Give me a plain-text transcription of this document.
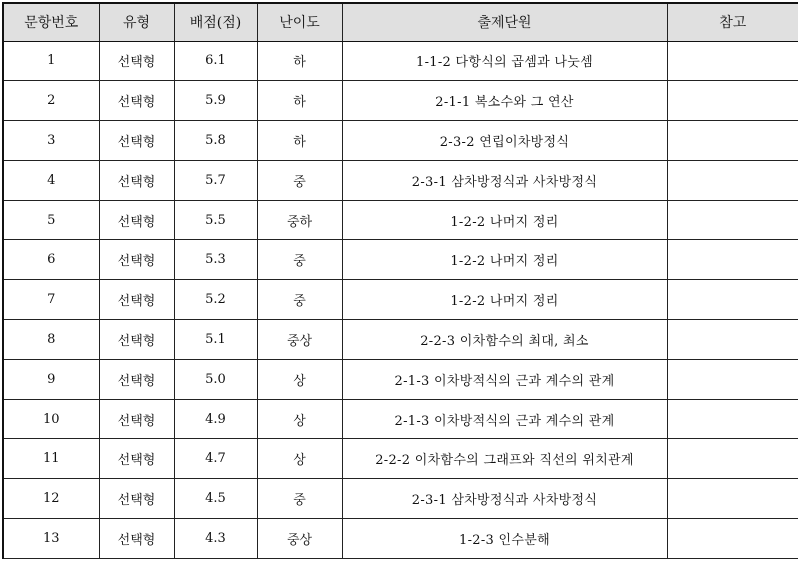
문항번호	유형	배점(점)	난이도	출제단원	참고
1	선택형	6.1	하	1-1-2 다항식의 곱셈과 나눗셈	
2	선택형	5.9	하	2-1-1 복소수와 그 연산	
3	선택형	5.8	하	2-3-2 연립이차방정식	
4	선택형	5.7	중	2-3-1 삼차방정식과 사차방정식	
5	선택형	5.5	중하	1-2-2 나머지 정리	
6	선택형	5.3	중	1-2-2 나머지 정리	
7	선택형	5.2	중	1-2-2 나머지 정리	
8	선택형	5.1	중상	2-2-3 이차함수의 최대, 최소	
9	선택형	5.0	상	2-1-3 이차방적식의 근과 계수의 관계	
10	선택형	4.9	상	2-1-3 이차방적식의 근과 계수의 관계	
11	선택형	4.7	상	2-2-2 이차함수의 그래프와 직선의 위치관계	
12	선택형	4.5	중	2-3-1 삼차방정식과 사차방정식	
13	선택형	4.3	중상	1-2-3 인수분해	
